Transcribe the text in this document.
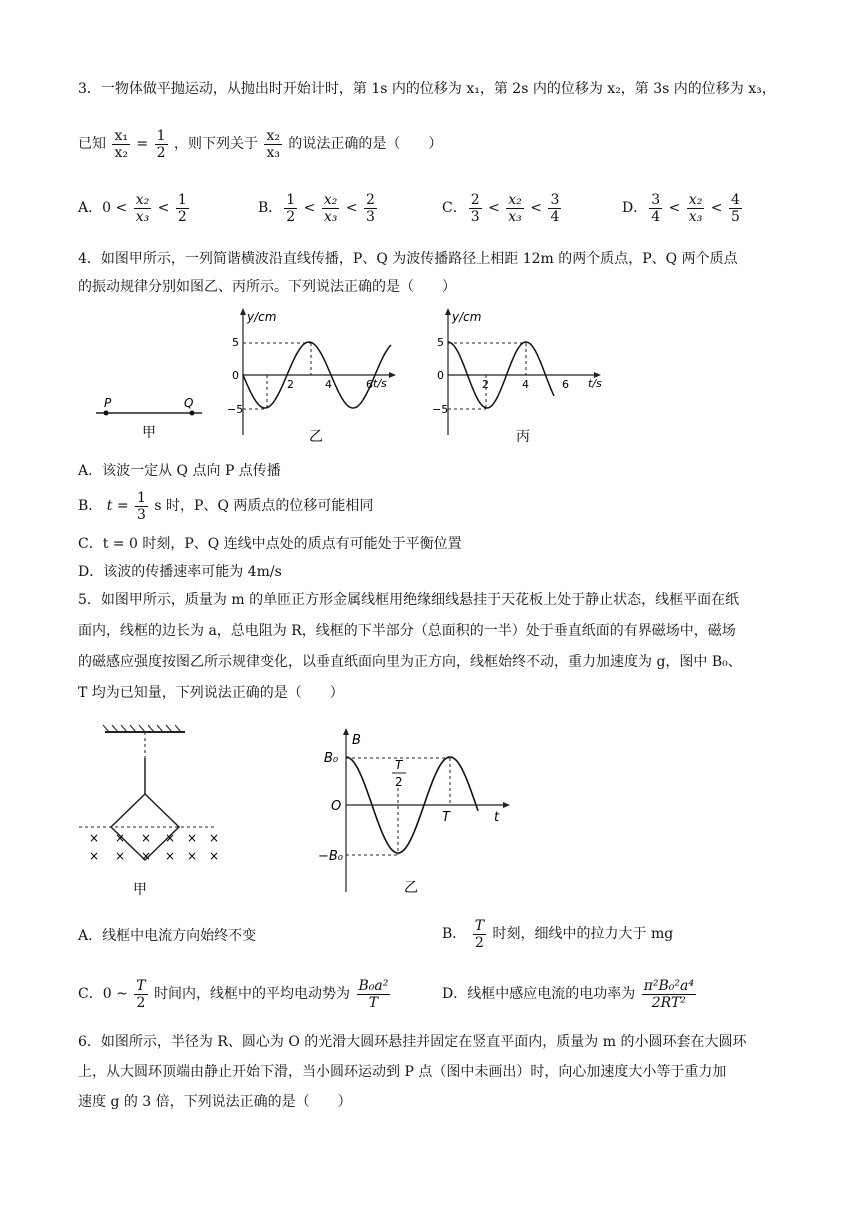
3．一物体做平抛运动，从抛出时开始计时，第 1s 内的位移为 x₁，第 2s 内的位移为 x₂，第 3s 内的位移为 x₃，
已知 $\frac{\text{x₁}}{\text{x₂}} = \frac{1}{2}$ ，则下列关于 $\frac{\text{x₂}}{\text{x₃}}$ 的说法正确的是（　　）
A．$0 < \frac{\text{x₂}}{\text{x₃}} < \frac{1}{2}$	B． $\frac{1}{2} < \frac{\text{x₂}}{\text{x₃}} < \frac{2}{3}$	C． $\frac{2}{3} < \frac{\text{x₂}}{\text{x₃}} < \frac{3}{4}$	D． $\frac{3}{4} < \frac{\text{x₂}}{\text{x₃}} < \frac{4}{5}$
4．如图甲所示，一列简谐横波沿直线传播，P、Q 为波传播路径上相距 12m 的两个质点，P、Q 两个质点
的振动规律分别如图乙、丙所示。下列说法正确的是（　　）
P	Q
甲
y/cm
t/s
5
0
−5
2	4	6
乙
y/cm
t/s
5
0
−5
2	4	6
丙
A．该波一定从 Q 点向 P 点传播
B． $t = \frac{1}{3}$ s 时，P、Q 两质点的位移可能相同
C．t = 0 时刻，P、Q 连线中点处的质点有可能处于平衡位置
D．该波的传播速率可能为 4m/s
5．如图甲所示，质量为 m 的单匝正方形金属线框用绝缘细线悬挂于天花板上处于静止状态，线框平面在纸
面内，线框的边长为 a，总电阻为 R，线框的下半部分（总面积的一半）处于垂直纸面的有界磁场中，磁场
的磁感应强度按图乙所示规律变化，以垂直纸面向里为正方向，线框始终不动，重力加速度为 g，图中 B₀、
T 均为已知量，下列说法正确的是（　　）
× × × × × ×
× × × × × ×
甲
B
t
B₀
−B₀
O
T
2
T
乙
A．线框中电流方向始终不变	B． $\frac{T}{2}$ 时刻，细线中的拉力大于 mg
C．0 ~ $\frac{T}{2}$ 时间内，线框中的平均电动势为 $\frac{\text{B₀a²}}{T}$	D．线框中感应电流的电功率为 $\frac{\text{π²B₀²a⁴}}{\text{2RT²}}$
6．如图所示，半径为 R、圆心为 O 的光滑大圆环悬挂并固定在竖直平面内，质量为 m 的小圆环套在大圆环
上，从大圆环顶端由静止开始下滑，当小圆环运动到 P 点（图中未画出）时，向心加速度大小等于重力加
速度 g 的 3 倍，下列说法正确的是（　　）
